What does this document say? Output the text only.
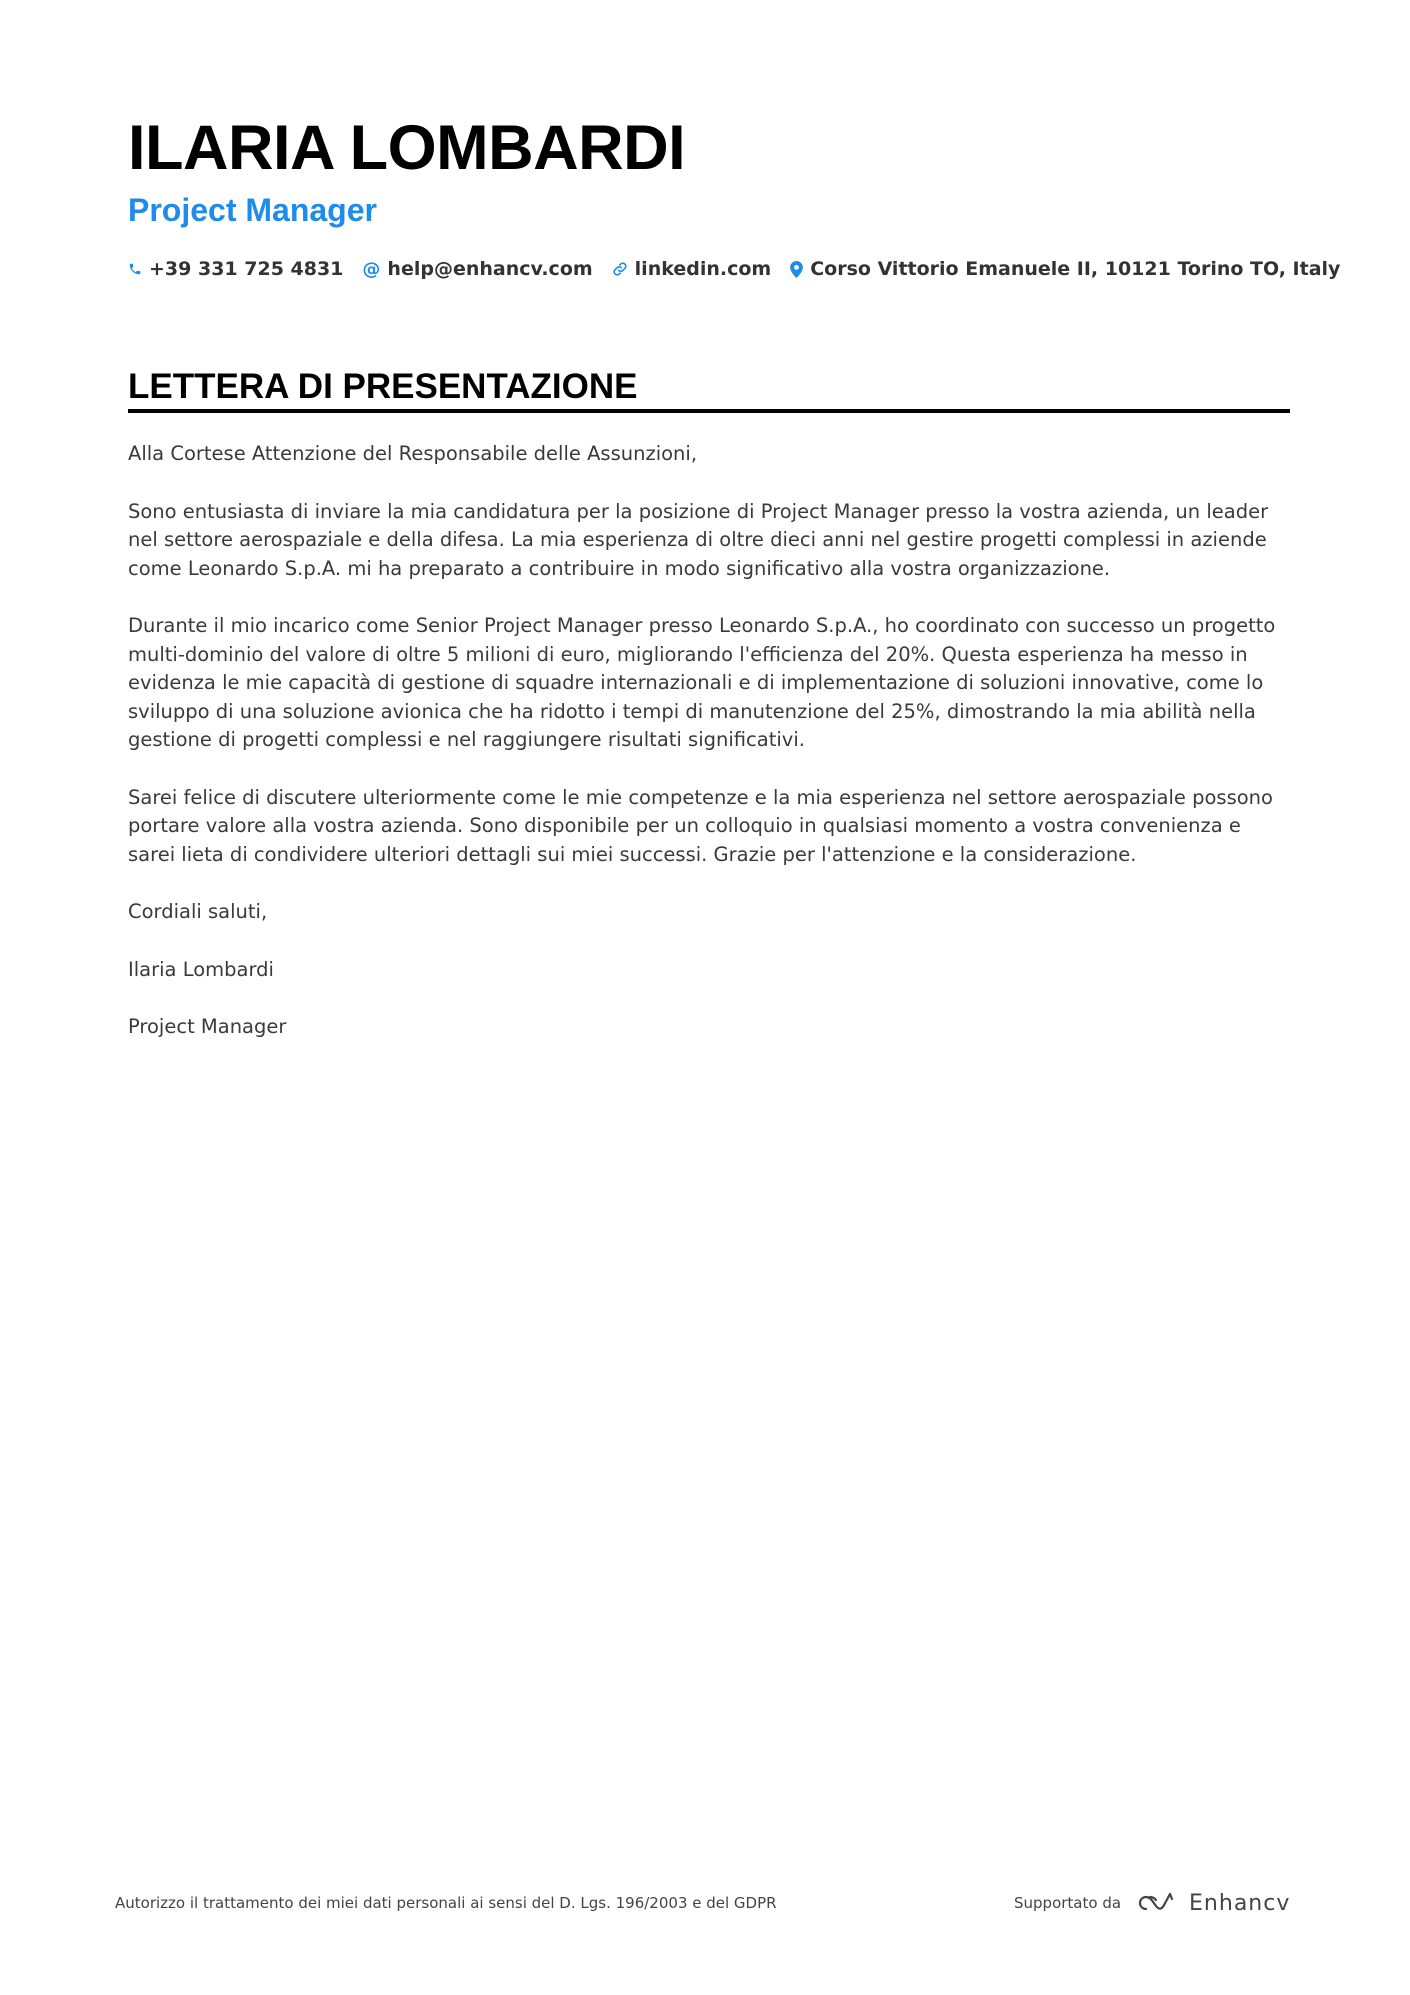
ILARIA LOMBARDI
Project Manager
+39 331 725 4831 @ help@enhancv.com linkedin.com Corso Vittorio Emanuele II, 10121 Torino TO, Italy
LETTERA DI PRESENTAZIONE

Alla Cortese Attenzione del Responsabile delle Assunzioni,

Sono entusiasta di inviare la mia candidatura per la posizione di Project Manager presso la vostra azienda, un leader nel settore aerospaziale e della difesa. La mia esperienza di oltre dieci anni nel gestire progetti complessi in aziende come Leonardo S.p.A. mi ha preparato a contribuire in modo significativo alla vostra organizzazione.

Durante il mio incarico come Senior Project Manager presso Leonardo S.p.A., ho coordinato con successo un progetto multi-dominio del valore di oltre 5 milioni di euro, migliorando l'efficienza del 20%. Questa esperienza ha messo in evidenza le mie capacità di gestione di squadre internazionali e di implementazione di soluzioni innovative, come lo sviluppo di una soluzione avionica che ha ridotto i tempi di manutenzione del 25%, dimostrando la mia abilità nella gestione di progetti complessi e nel raggiungere risultati significativi.

Sarei felice di discutere ulteriormente come le mie competenze e la mia esperienza nel settore aerospaziale possono portare valore alla vostra azienda. Sono disponibile per un colloquio in qualsiasi momento a vostra convenienza e sarei lieta di condividere ulteriori dettagli sui miei successi. Grazie per l'attenzione e la considerazione.

Cordiali saluti,

Ilaria Lombardi

Project Manager

Autorizzo il trattamento dei miei dati personali ai sensi del D. Lgs. 196/2003 e del GDPR	Supportato da	Enhancv
